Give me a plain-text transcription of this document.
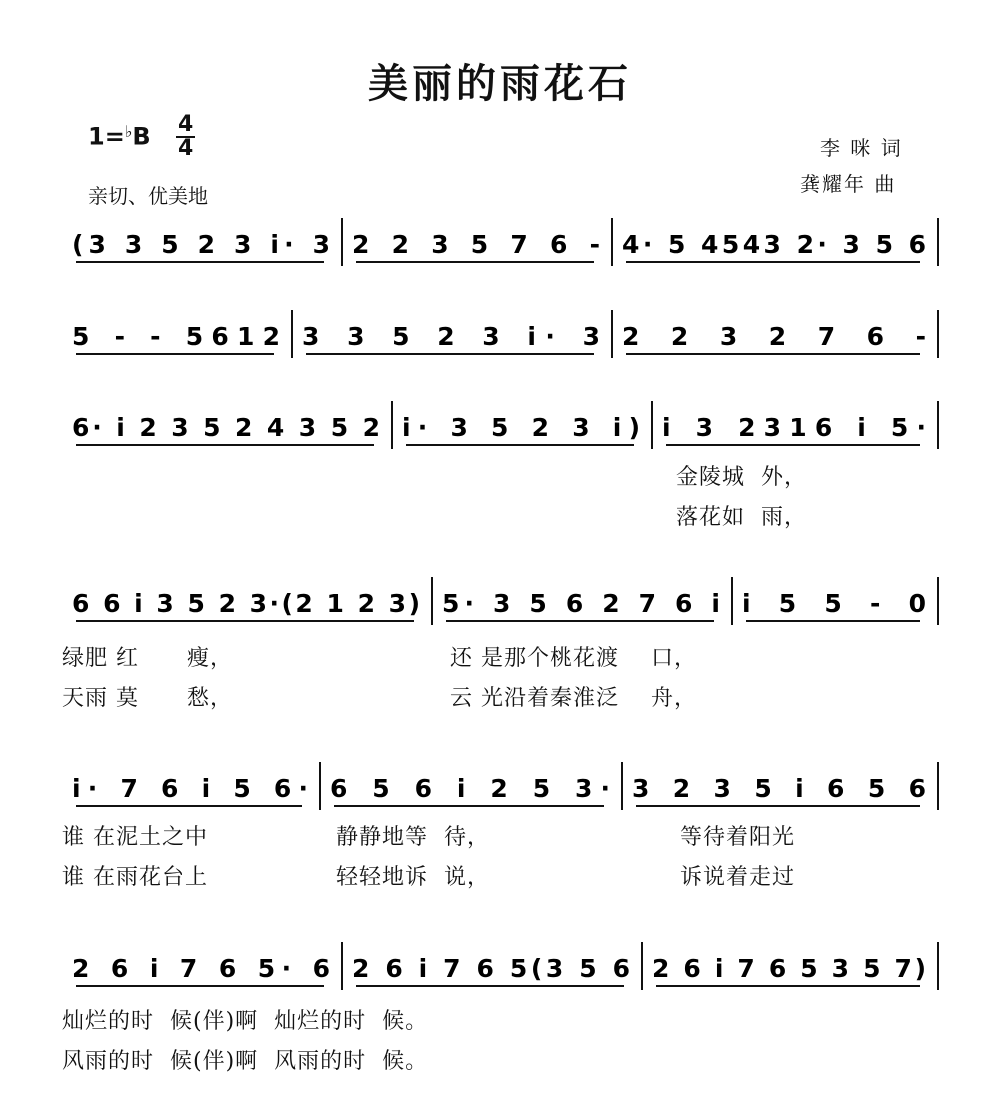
美丽的雨花石
1=♭B 4
4
亲切、优美地
李 咪 词
龚耀年 曲
(3 3 5 2 3 i· 3 2 2 3 5 7 6 - 4· 5 4543 2· 3 5 6
5 - - 5612 3 3 5 2 3 i· 3 2 2 3 2 7 6 -
6· i 2 3 5 2 4 3 5 2 i· 3 5 2 3 i) i 3 2316 i 5·
6 6 i 3 5 2 3·(2 1 2 3) 5· 3 5 6 2 7 6 i i 5 5 - 0
i· 7 6 i 5 6· 6 5 6 i 2 5 3· 3 2 3 5 i 6 5 6
2 6 i 7 6 5· 6 2 6 i 7 6 5(3 5 6 2 6 i 7 6 5 3 5 7)
金陵城  外，
落花如  雨，
绿肥 红      瘦，
天雨 莫      愁，
还 是那个桃花渡    口，
云 光沿着秦淮泛    舟，
谁 在泥土之中
谁 在雨花台上
静静地等  待，
轻轻地诉  说，
等待着阳光
诉说着走过
灿烂的时  候(伴)啊  灿烂的时  候。
风雨的时  候(伴)啊  风雨的时  候。
